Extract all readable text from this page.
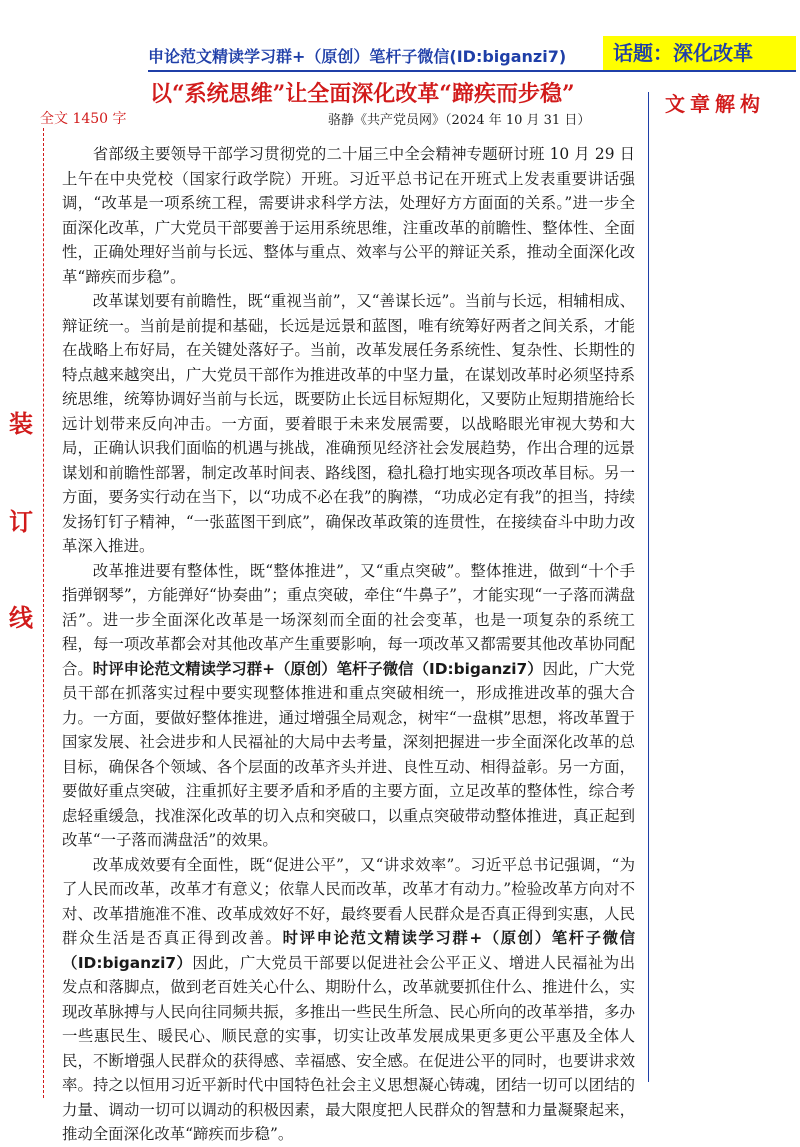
申论范文精读学习群+（原创）笔杆子微信(ID:biganzi7)	话题：深化改革
以“系统思维”让全面深化改革“蹄疾而步稳”	文章解构
全文 1450 字	骆静《共产党员网》（2024 年 10 月 31 日）
装
订
线

省部级主要领导干部学习贯彻党的二十届三中全会精神专题研讨班 10 月 29 日上午在中央党校（国家行政学院）开班。习近平总书记在开班式上发表重要讲话强调，“改革是一项系统工程，需要讲求科学方法，处理好方方面面的关系。”进一步全面深化改革，广大党员干部要善于运用系统思维，注重改革的前瞻性、整体性、全面性，正确处理好当前与长远、整体与重点、效率与公平的辩证关系，推动全面深化改革“蹄疾而步稳”。

改革谋划要有前瞻性，既“重视当前”，又“善谋长远”。当前与长远，相辅相成、辩证统一。当前是前提和基础，长远是远景和蓝图，唯有统筹好两者之间关系，才能在战略上布好局，在关键处落好子。当前，改革发展任务系统性、复杂性、长期性的特点越来越突出，广大党员干部作为推进改革的中坚力量，在谋划改革时必须坚持系统思维，统筹协调好当前与长远，既要防止长远目标短期化，又要防止短期措施给长远计划带来反向冲击。一方面，要着眼于未来发展需要，以战略眼光审视大势和大局，正确认识我们面临的机遇与挑战，准确预见经济社会发展趋势，作出合理的远景谋划和前瞻性部署，制定改革时间表、路线图，稳扎稳打地实现各项改革目标。另一方面，要务实行动在当下，以“功成不必在我”的胸襟，“功成必定有我”的担当，持续发扬钉钉子精神，“一张蓝图干到底”，确保改革政策的连贯性，在接续奋斗中助力改革深入推进。

改革推进要有整体性，既“整体推进”，又“重点突破”。整体推进，做到“十个手指弹钢琴”，方能弹好“协奏曲”；重点突破，牵住“牛鼻子”，才能实现“一子落而满盘活”。进一步全面深化改革是一场深刻而全面的社会变革，也是一项复杂的系统工程，每一项改革都会对其他改革产生重要影响，每一项改革又都需要其他改革协同配合。时评申论范文精读学习群+（原创）笔杆子微信（ID:biganzi7）因此，广大党员干部在抓落实过程中要实现整体推进和重点突破相统一，形成推进改革的强大合力。一方面，要做好整体推进，通过增强全局观念，树牢“一盘棋”思想，将改革置于国家发展、社会进步和人民福祉的大局中去考量，深刻把握进一步全面深化改革的总目标，确保各个领域、各个层面的改革齐头并进、良性互动、相得益彰。另一方面，要做好重点突破，注重抓好主要矛盾和矛盾的主要方面，立足改革的整体性，综合考虑轻重缓急，找准深化改革的切入点和突破口，以重点突破带动整体推进，真正起到改革“一子落而满盘活”的效果。

改革成效要有全面性，既“促进公平”，又“讲求效率”。习近平总书记强调，“为了人民而改革，改革才有意义；依靠人民而改革，改革才有动力。”检验改革方向对不对、改革措施准不准、改革成效好不好，最终要看人民群众是否真正得到实惠，人民群众生活是否真正得到改善。时评申论范文精读学习群+（原创）笔杆子微信（ID:biganzi7）因此，广大党员干部要以促进社会公平正义、增进人民福祉为出发点和落脚点，做到老百姓关心什么、期盼什么，改革就要抓住什么、推进什么，实现改革脉搏与人民向往同频共振，多推出一些民生所急、民心所向的改革举措，多办一些惠民生、暖民心、顺民意的实事，切实让改革发展成果更多更公平惠及全体人民，不断增强人民群众的获得感、幸福感、安全感。在促进公平的同时，也要讲求效率。持之以恒用习近平新时代中国特色社会主义思想凝心铸魂，团结一切可以团结的力量、调动一切可以调动的积极因素，最大限度把人民群众的智慧和力量凝聚起来，推动全面深化改革“蹄疾而步稳”。
